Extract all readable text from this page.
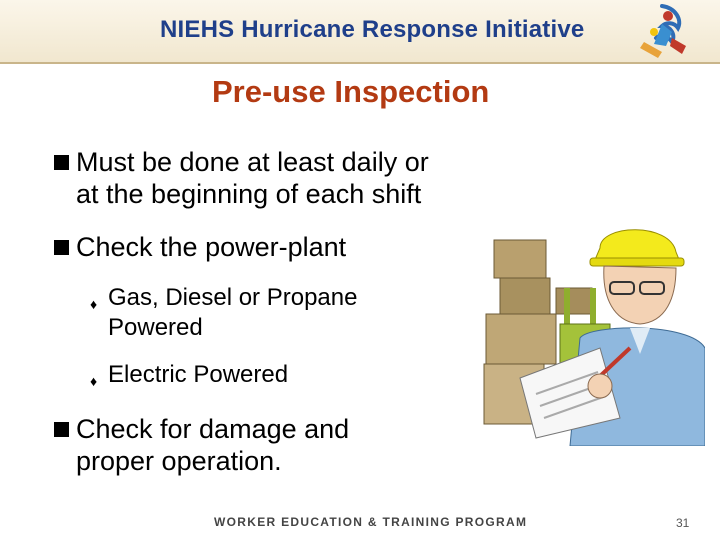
NIEHS Hurricane Response Initiative
Pre-use Inspection
Must be done at least daily or
at the beginning of each shift
Check the power-plant
♦ Gas, Diesel or Propane
Powered
♦ Electric Powered
Check for damage and
proper operation.
WORKER EDUCATION & TRAINING PROGRAM	31
